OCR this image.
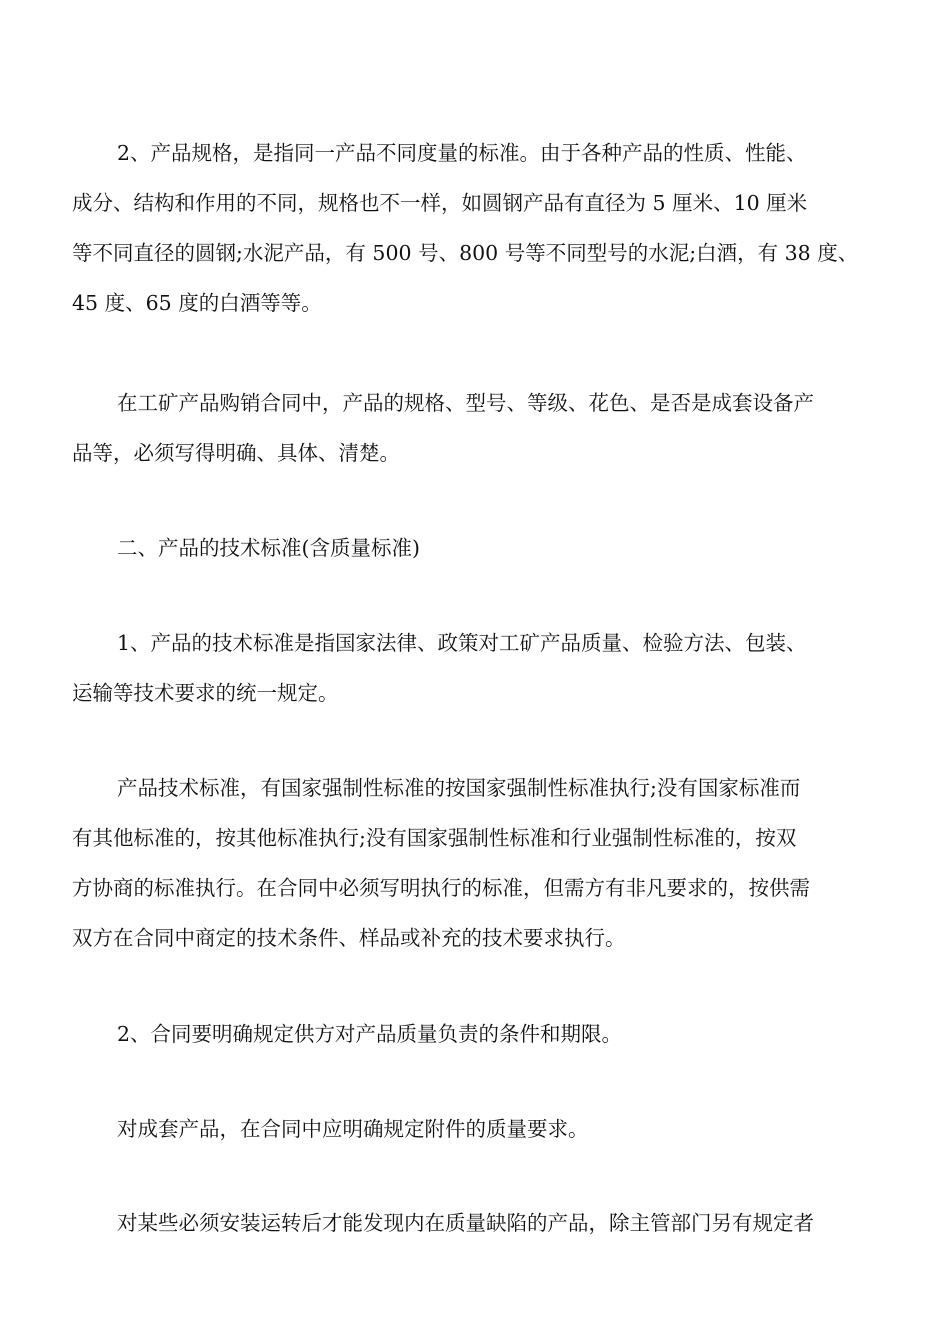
2、产品规格，是指同一产品不同度量的标准。由于各种产品的性质、性能、
成分、结构和作用的不同，规格也不一样，如圆钢产品有直径为 5 厘米、10 厘米
等不同直径的圆钢;水泥产品，有 500 号、800 号等不同型号的水泥;白酒，有 38 度、
45 度、65 度的白酒等等。
在工矿产品购销合同中，产品的规格、型号、等级、花色、是否是成套设备产
品等，必须写得明确、具体、清楚。
二、产品的技术标准(含质量标准)
1、产品的技术标准是指国家法律、政策对工矿产品质量、检验方法、包装、
运输等技术要求的统一规定。
产品技术标准，有国家强制性标准的按国家强制性标准执行;没有国家标准而
有其他标准的，按其他标准执行;没有国家强制性标准和行业强制性标准的，按双
方协商的标准执行。在合同中必须写明执行的标准，但需方有非凡要求的，按供需
双方在合同中商定的技术条件、样品或补充的技术要求执行。
2、合同要明确规定供方对产品质量负责的条件和期限。
对成套产品，在合同中应明确规定附件的质量要求。
对某些必须安装运转后才能发现内在质量缺陷的产品，除主管部门另有规定者
